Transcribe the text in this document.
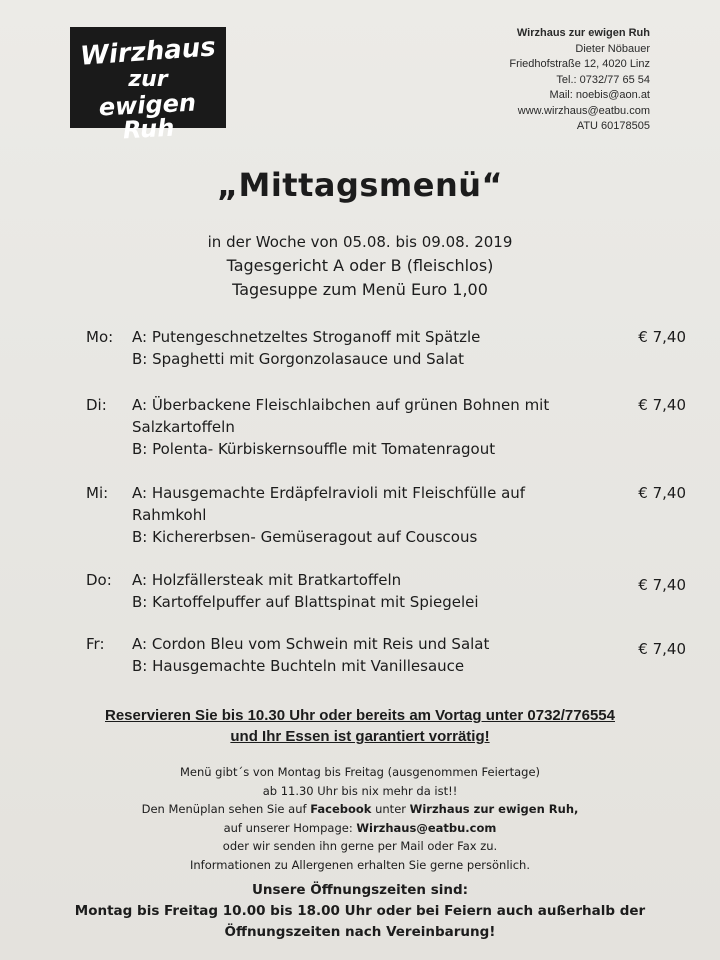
Wirzhaus
zur
ewigen Ruh
Wirzhaus zur ewigen Ruh
Dieter Nöbauer
Friedhofstraße 12, 4020 Linz
Tel.: 0732/77 65 54
Mail: noebis@aon.at
www.wirzhaus@eatbu.com
ATU 60178505
„Mittagsmenü“
in der Woche von 05.08. bis 09.08. 2019
Tagesgericht A oder B (fleischlos)
Tagesuppe zum Menü Euro 1,00
Mo: A: Putengeschnetzeltes Stroganoff mit Spätzle
B: Spaghetti mit Gorgonzolasauce und Salat
€ 7,40
Di: A: Überbackene Fleischlaibchen auf grünen Bohnen mit
Salzkartoffeln
B: Polenta- Kürbiskernsouffle mit Tomatenragout
€ 7,40
Mi: A: Hausgemachte Erdäpfelravioli mit Fleischfülle auf
Rahmkohl
B: Kichererbsen- Gemüseragout auf Couscous
€ 7,40
Do: A: Holzfällersteak mit Bratkartoffeln
B: Kartoffelpuffer auf Blattspinat mit Spiegelei
€ 7,40
Fr: A: Cordon Bleu vom Schwein mit Reis und Salat
B: Hausgemachte Buchteln mit Vanillesauce
€ 7,40
Reservieren Sie bis 10.30 Uhr oder bereits am Vortag unter 0732/776554
und Ihr Essen ist garantiert vorrätig!
Menü gibt´s von Montag bis Freitag (ausgenommen Feiertage)
ab 11.30 Uhr bis nix mehr da ist!!
Den Menüplan sehen Sie auf Facebook unter Wirzhaus zur ewigen Ruh,
auf unserer Hompage: Wirzhaus@eatbu.com
oder wir senden ihn gerne per Mail oder Fax zu.
Informationen zu Allergenen erhalten Sie gerne persönlich.
Unsere Öffnungszeiten sind:
Montag bis Freitag 10.00 bis 18.00 Uhr oder bei Feiern auch außerhalb der
Öffnungszeiten nach Vereinbarung!
